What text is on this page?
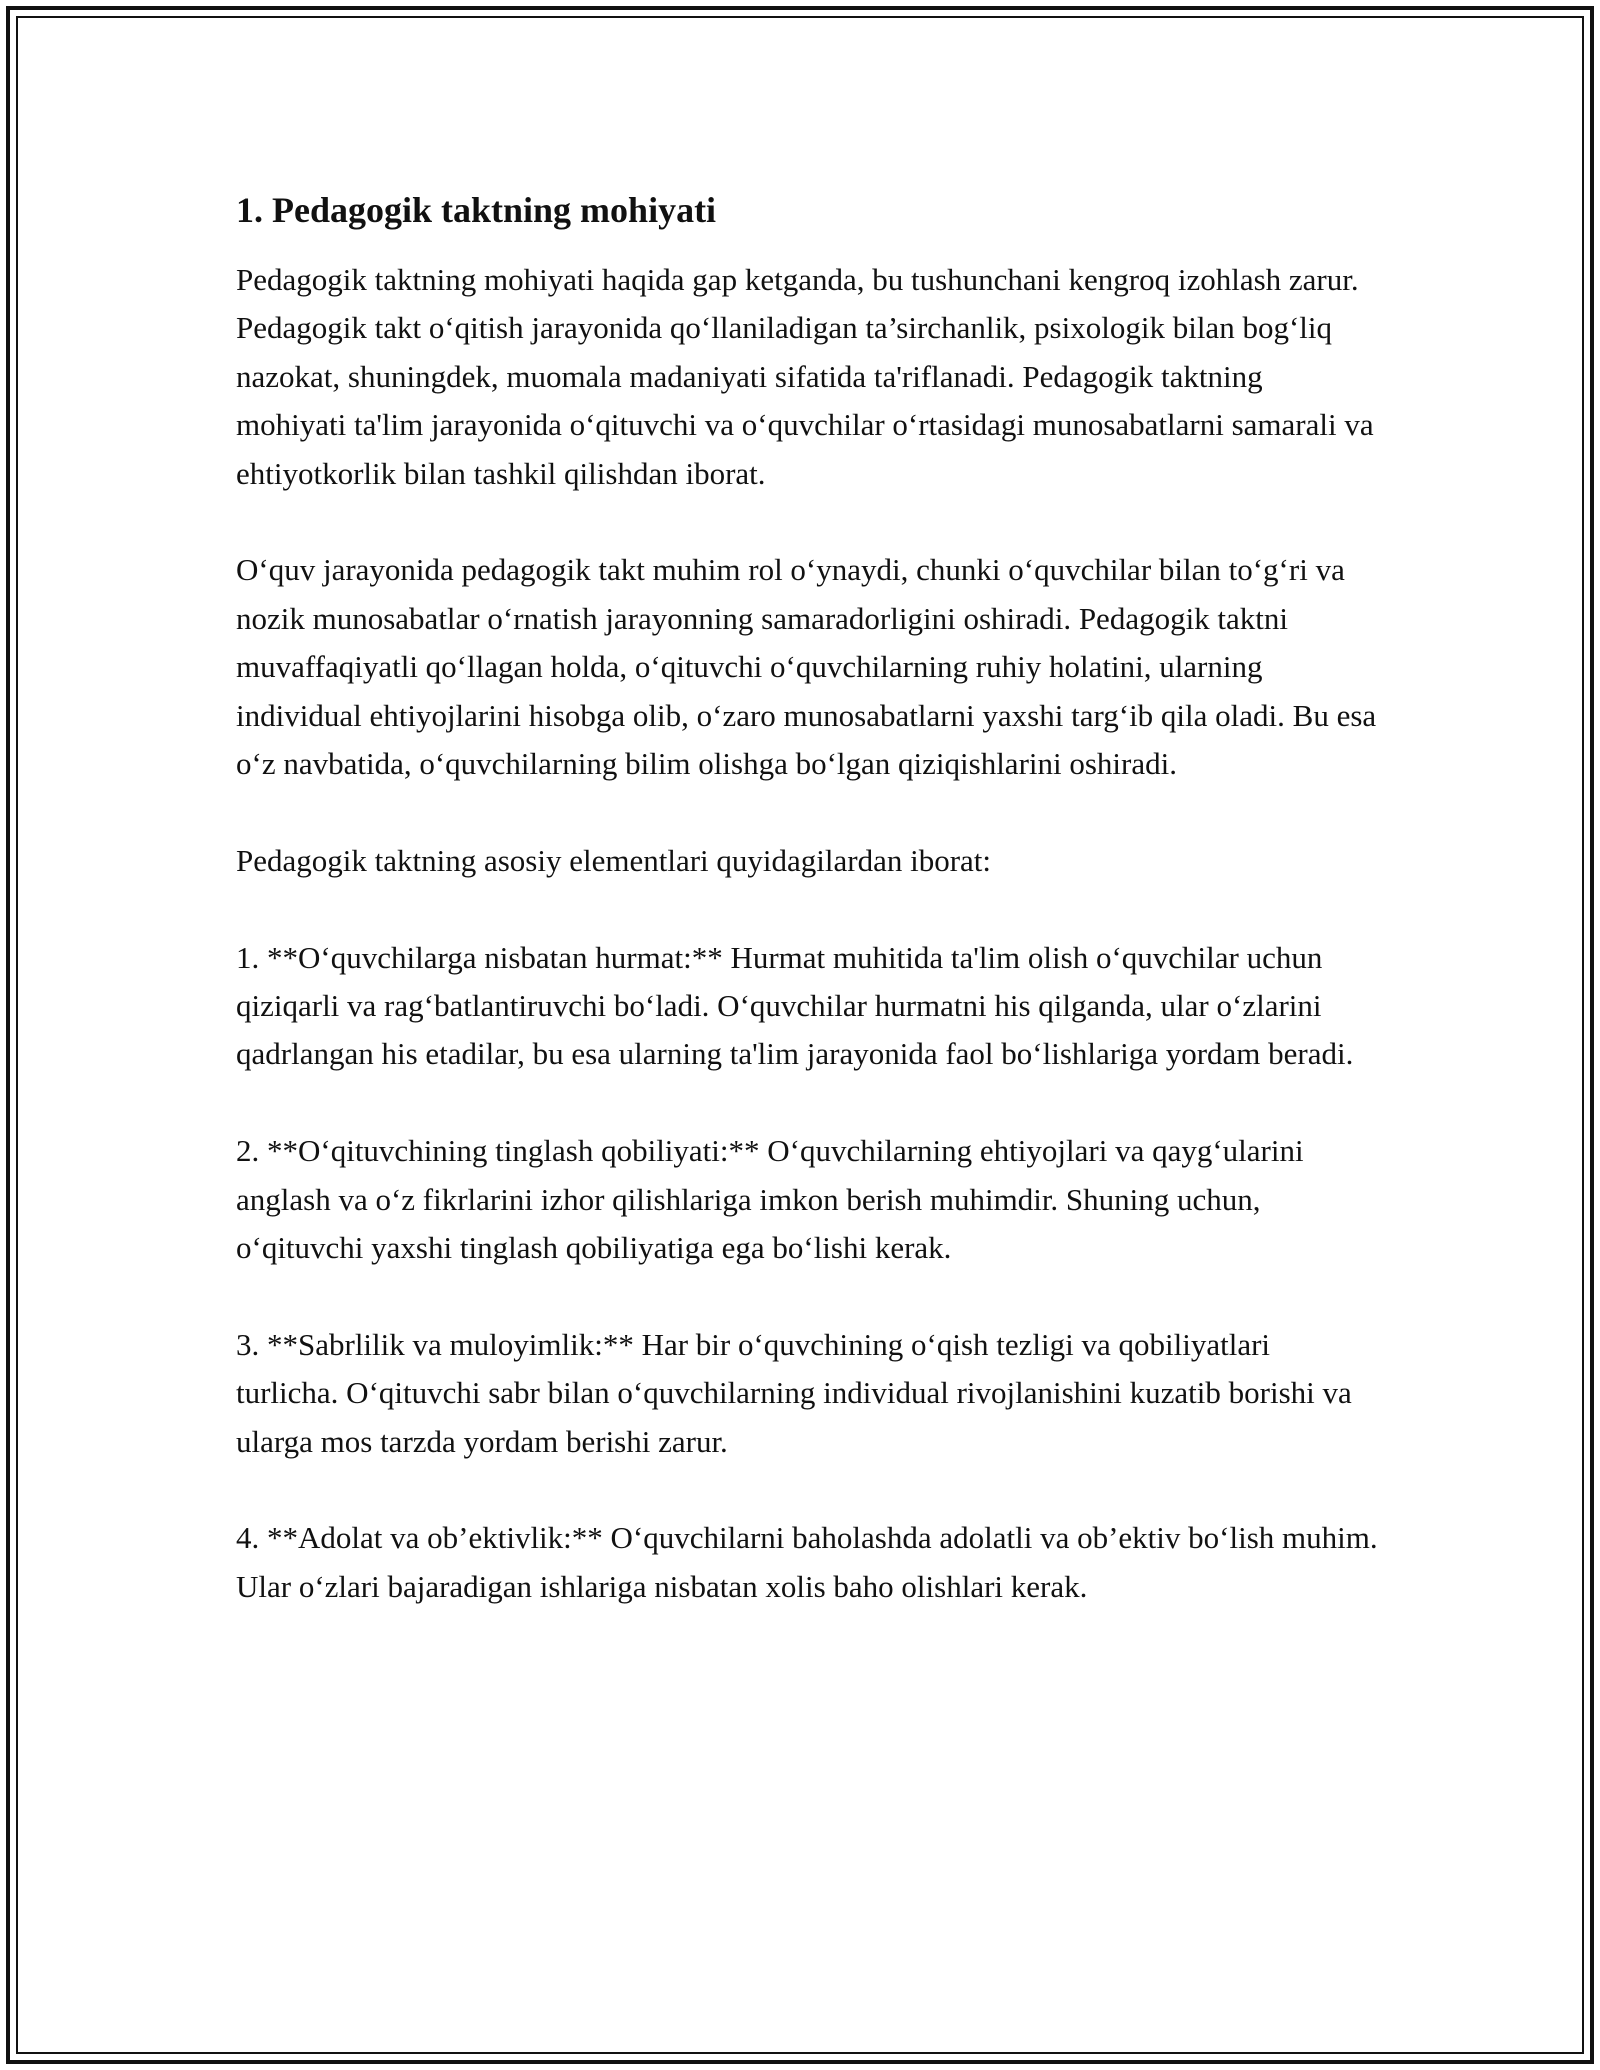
1. Pedagogik taktning mohiyati

Pedagogik taktning mohiyati haqida gap ketganda, bu tushunchani kengroq izohlash zarur. Pedagogik takt oʻqitish jarayonida qoʻllaniladigan ta’sirchanlik, psixologik bilan bogʻliq nazokat, shuningdek, muomala madaniyati sifatida ta'riflanadi. Pedagogik taktning mohiyati ta'lim jarayonida oʻqituvchi va oʻquvchilar oʻrtasidagi munosabatlarni samarali va ehtiyotkorlik bilan tashkil qilishdan iborat.

Oʻquv jarayonida pedagogik takt muhim rol oʻynaydi, chunki oʻquvchilar bilan toʻgʻri va nozik munosabatlar oʻrnatish jarayonning samaradorligini oshiradi. Pedagogik taktni muvaffaqiyatli qoʻllagan holda, oʻqituvchi oʻquvchilarning ruhiy holatini, ularning individual ehtiyojlarini hisobga olib, oʻzaro munosabatlarni yaxshi targʻib qila oladi. Bu esa oʻz navbatida, oʻquvchilarning bilim olishga boʻlgan qiziqishlarini oshiradi.

Pedagogik taktning asosiy elementlari quyidagilardan iborat:

1. **Oʻquvchilarga nisbatan hurmat:** Hurmat muhitida ta'lim olish oʻquvchilar uchun qiziqarli va ragʻbatlantiruvchi boʻladi. Oʻquvchilar hurmatni his qilganda, ular oʻzlarini qadrlangan his etadilar, bu esa ularning ta'lim jarayonida faol boʻlishlariga yordam beradi.

2. **Oʻqituvchining tinglash qobiliyati:** Oʻquvchilarning ehtiyojlari va qaygʻularini anglash va oʻz fikrlarini izhor qilishlariga imkon berish muhimdir. Shuning uchun, oʻqituvchi yaxshi tinglash qobiliyatiga ega boʻlishi kerak.

3. **Sabrlilik va muloyimlik:** Har bir oʻquvchining oʻqish tezligi va qobiliyatlari turlicha. Oʻqituvchi sabr bilan oʻquvchilarning individual rivojlanishini kuzatib borishi va ularga mos tarzda yordam berishi zarur.

4. **Adolat va ob’ektivlik:** Oʻquvchilarni baholashda adolatli va ob’ektiv boʻlish muhim. Ular oʻzlari bajaradigan ishlariga nisbatan xolis baho olishlari kerak.
